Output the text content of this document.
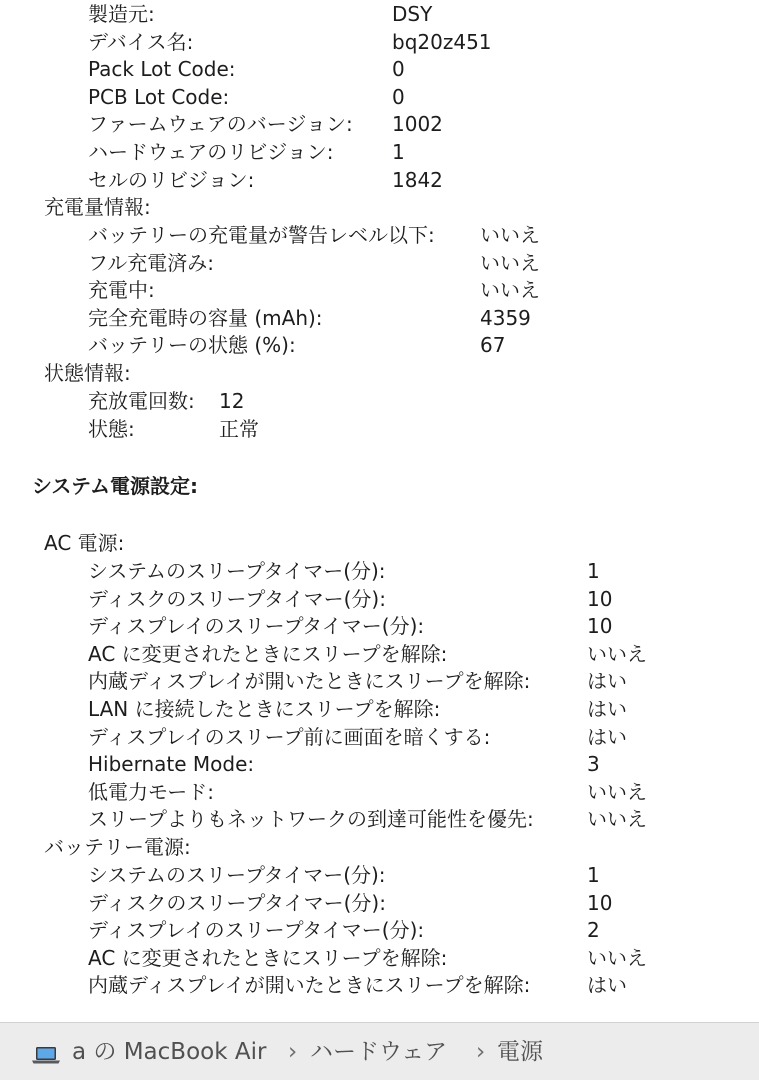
製造元:	DSY
デバイス名:	bq20z451
Pack Lot Code:	0
PCB Lot Code:	0
ファームウェアのバージョン: 1002
ハードウェアのリビジョン:	1
セルのリビジョン:	1842
充電量情報:
バッテリーの充電量が警告レベル以下: いいえ
フル充電済み:	いいえ
充電中:	いいえ
完全充電時の容量 (mAh):	4359
バッテリーの状態 (%):	67
状態情報:
充放電回数: 12
状態:	正常
システム電源設定:
AC 電源:
システムのスリープタイマー(分):	1
ディスクのスリープタイマー(分):	10
ディスプレイのスリープタイマー(分):	10
AC に変更されたときにスリープを解除:	いいえ
内蔵ディスプレイが開いたときにスリープを解除:	はい
LAN に接続したときにスリープを解除:	はい
ディスプレイのスリープ前に画面を暗くする:	はい
Hibernate Mode:	3
低電力モード:	いいえ
スリープよりもネットワークの到達可能性を優先:	いいえ
バッテリー電源:
システムのスリープタイマー(分):	1
ディスクのスリープタイマー(分):	10
ディスプレイのスリープタイマー(分):	2
AC に変更されたときにスリープを解除:	いいえ
内蔵ディスプレイが開いたときにスリープを解除:	はい
a の MacBook Air › ハードウェア › 電源
